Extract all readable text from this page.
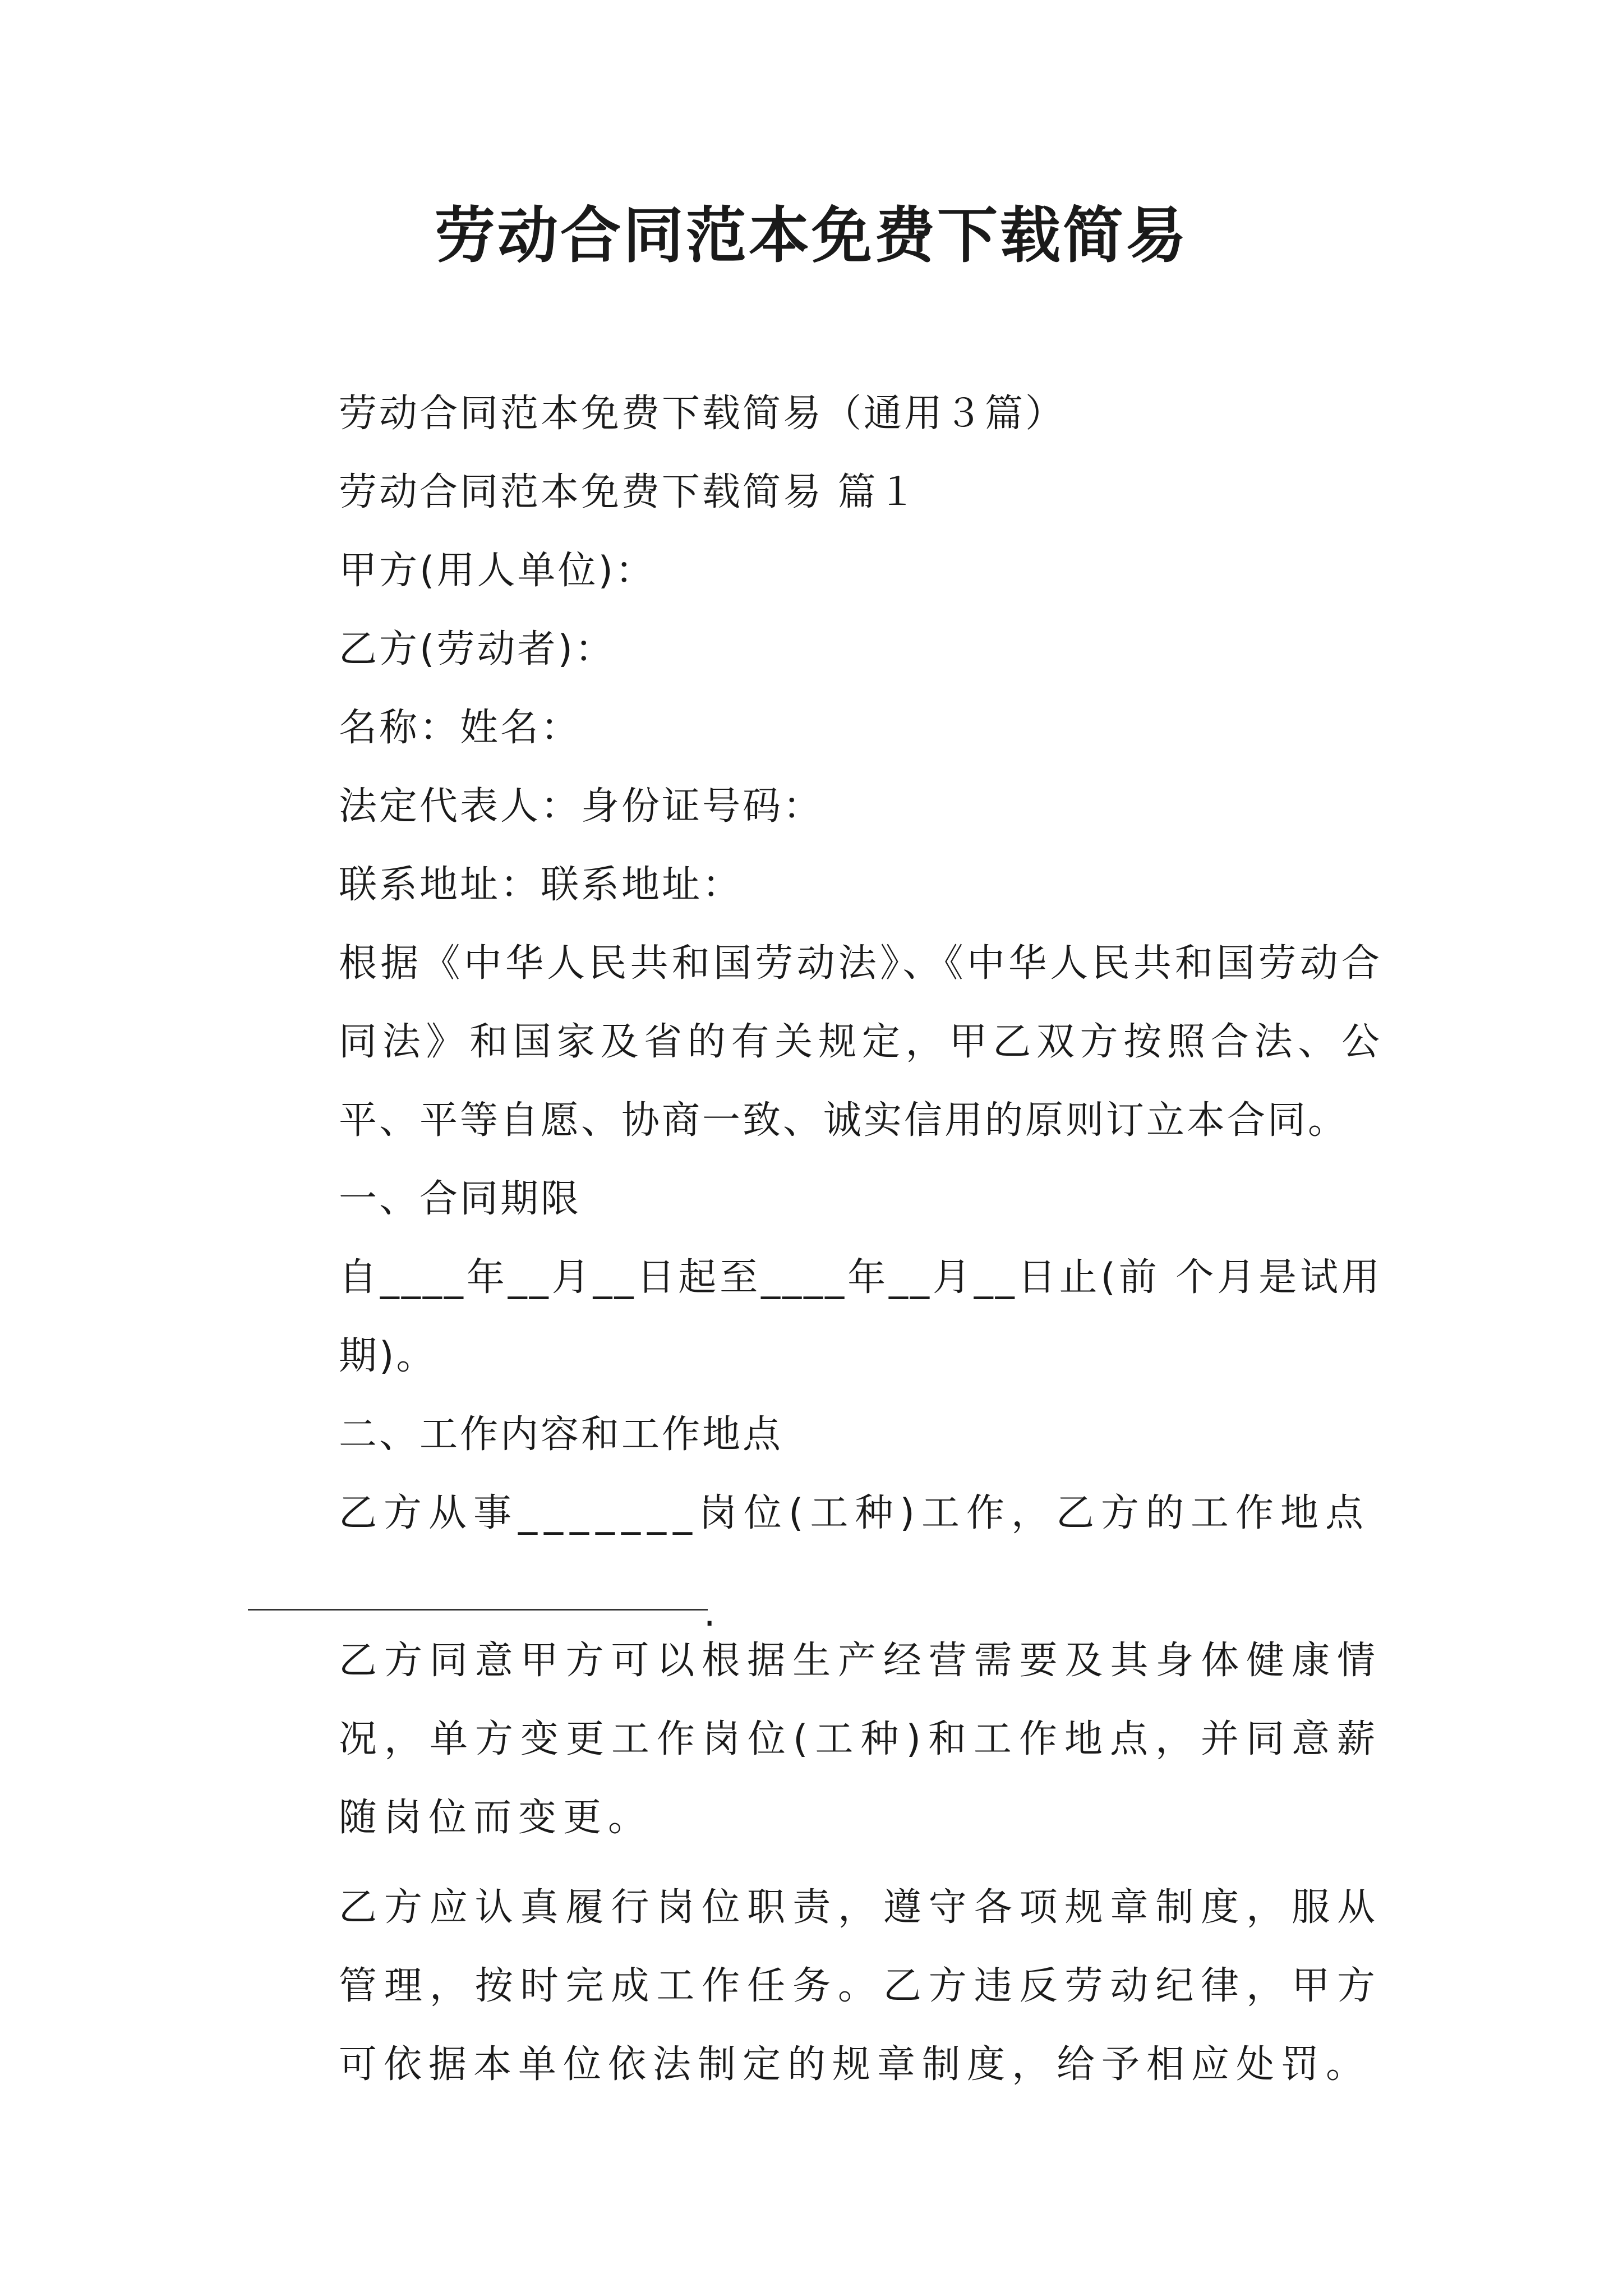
劳动合同范本免费下载简易

劳动合同范本免费下载简易（通用３篇）

劳动合同范本免费下载简易 篇１

甲方(用人单位)：

乙方(劳动者)：

名称：姓名：

法定代表人：身份证号码：

联系地址：联系地址：

根据《中华人民共和国劳动法》、《中华人民共和国劳动合同法》和国家及省的有关规定，甲乙双方按照合法、公平、平等自愿、协商一致、诚实信用的原则订立本合同。

一、合同期限

自____年__月__日起至____年__月__日止(前 个月是试用期)。

二、工作内容和工作地点

乙方从事_______岗位(工种)工作，乙方的工作地点

.

乙方同意甲方可以根据生产经营需要及其身体健康情况，单方变更工作岗位(工种)和工作地点，并同意薪随岗位而变更。

乙方应认真履行岗位职责，遵守各项规章制度，服从管理，按时完成工作任务。乙方违反劳动纪律，甲方可依据本单位依法制定的规章制度，给予相应处罚。
